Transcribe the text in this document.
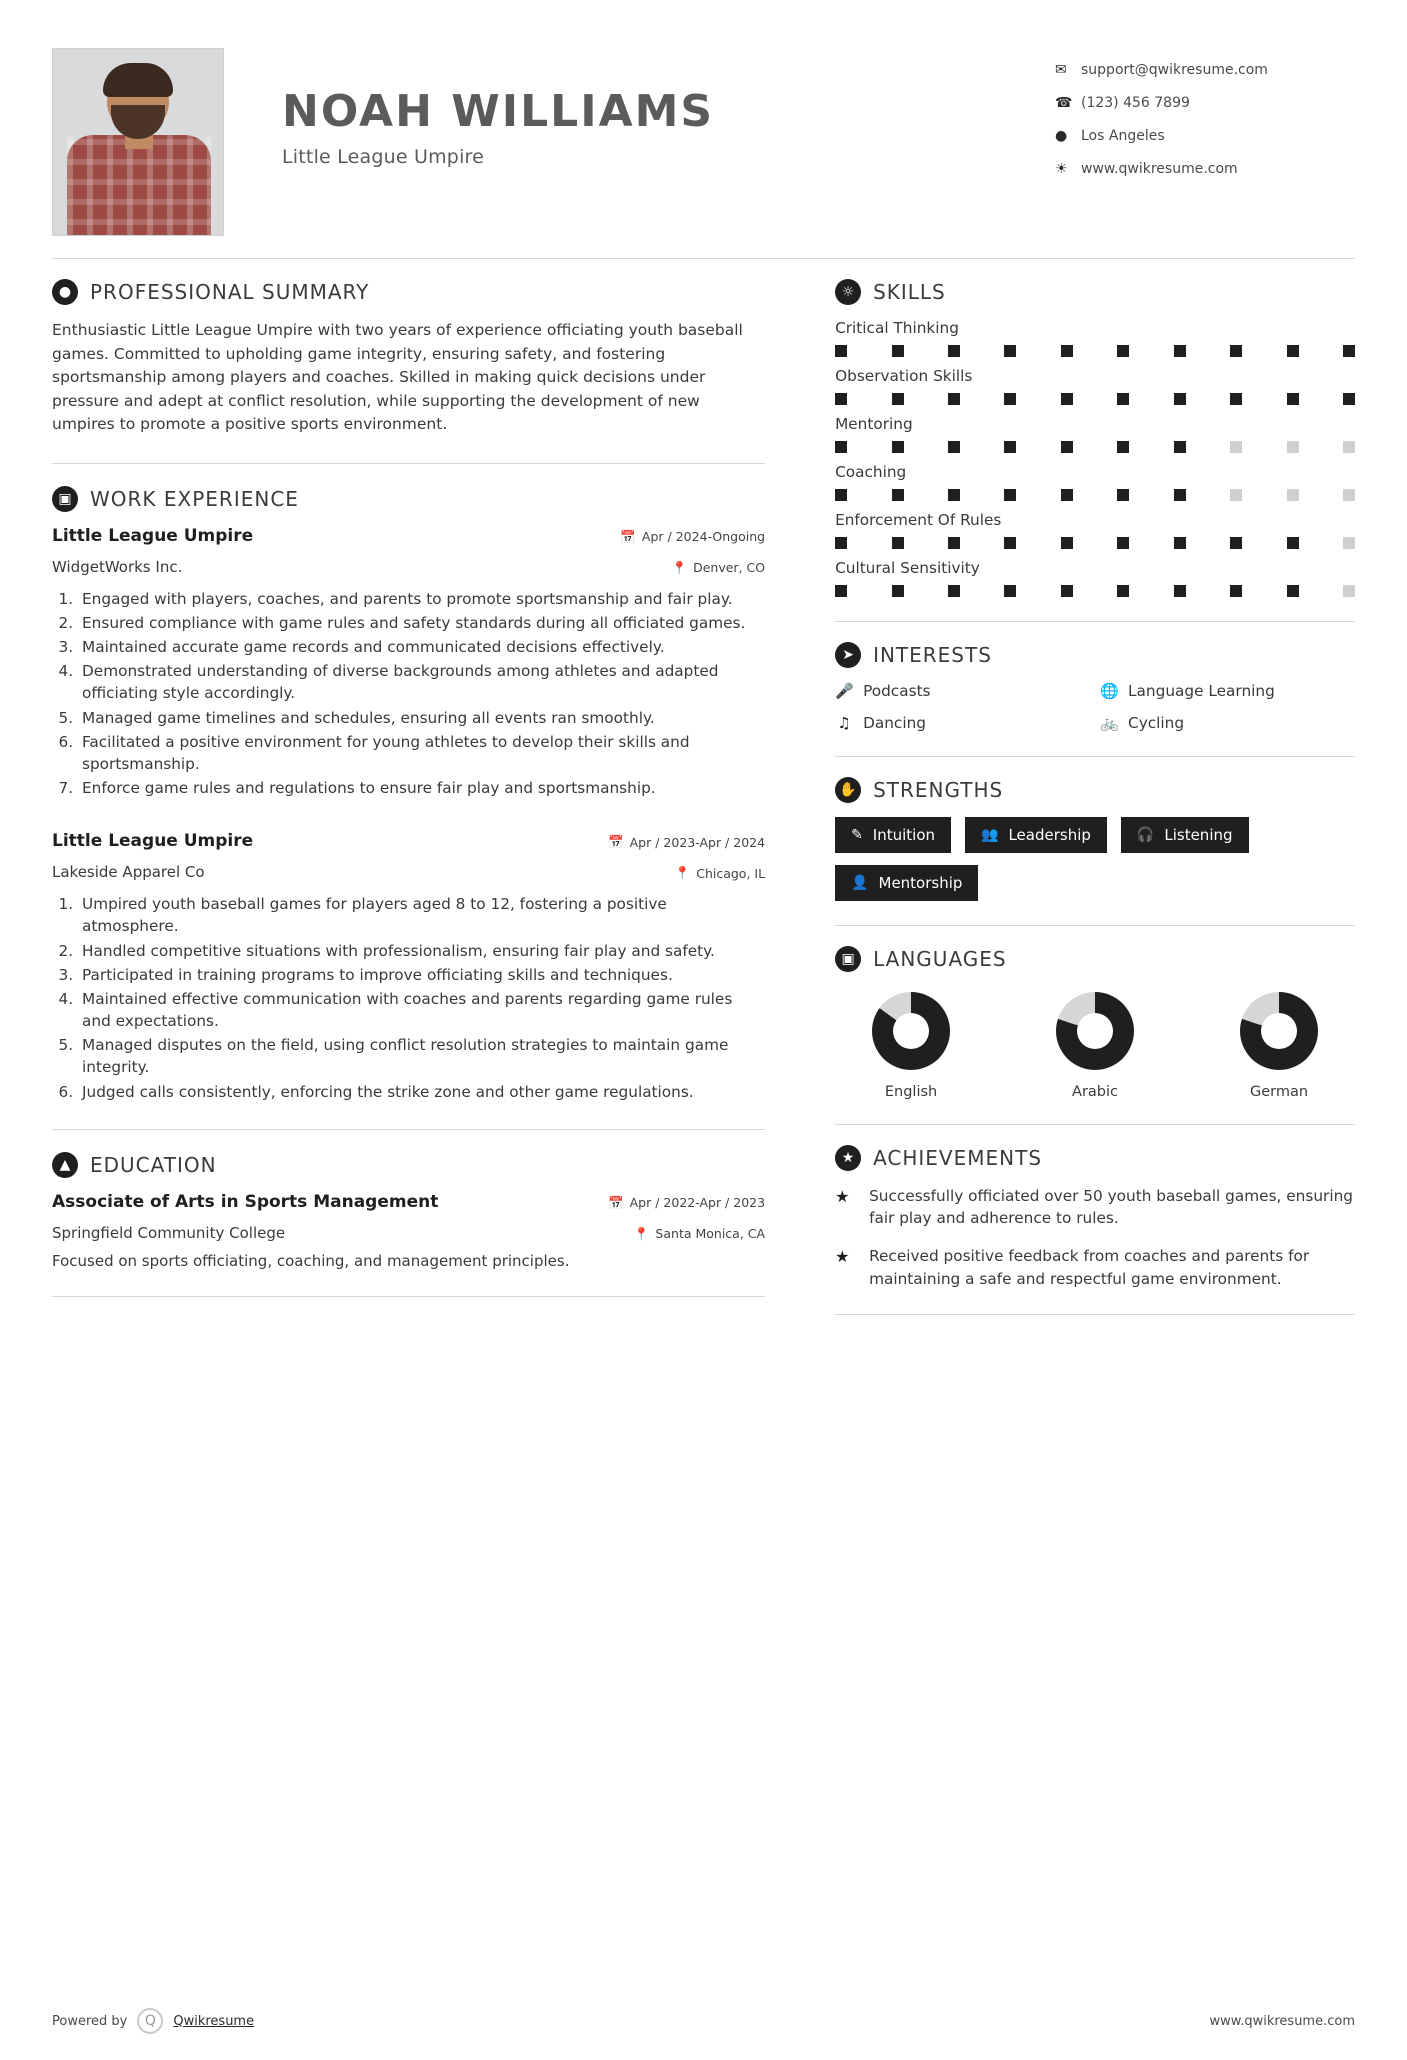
NOAH WILLIAMS
Little League Umpire
✉	support@qwikresume.com
☎ (123) 456 7899
● Los Angeles
☀ www.qwikresume.com
● PROFESSIONAL SUMMARY
Enthusiastic Little League Umpire with two years of experience officiating youth baseball games. Committed to upholding game integrity, ensuring safety, and fostering sportsmanship among players and coaches. Skilled in making quick decisions under pressure and adept at conflict resolution, while supporting the development of new umpires to promote a positive sports environment.
▣ WORK EXPERIENCE
Little League Umpire	📅 Apr / 2024-Ongoing
WidgetWorks Inc.	📍 Denver, CO
1. Engaged with players, coaches, and parents to promote sportsmanship and fair play.
2. Ensured compliance with game rules and safety standards during all officiated games.
3. Maintained accurate game records and communicated decisions effectively.
4. Demonstrated understanding of diverse backgrounds among athletes and adapted officiating style accordingly.
5. Managed game timelines and schedules, ensuring all events ran smoothly.
6. Facilitated a positive environment for young athletes to develop their skills and sportsmanship.
7. Enforce game rules and regulations to ensure fair play and sportsmanship.
Little League Umpire	📅 Apr / 2023-Apr / 2024
Lakeside Apparel Co	📍 Chicago, IL
1. Umpired youth baseball games for players aged 8 to 12, fostering a positive atmosphere.
2. Handled competitive situations with professionalism, ensuring fair play and safety.
3. Participated in training programs to improve officiating skills and techniques.
4. Maintained effective communication with coaches and parents regarding game rules and expectations.
5. Managed disputes on the field, using conflict resolution strategies to maintain game integrity.
6. Judged calls consistently, enforcing the strike zone and other game regulations.
▲ EDUCATION
Associate of Arts in Sports Management	📅 Apr / 2022-Apr / 2023
Springfield Community College	📍 Santa Monica, CA
Focused on sports officiating, coaching, and management principles.
☼ SKILLS
Critical Thinking
Observation Skills
Mentoring
Coaching
Enforcement Of Rules
Cultural Sensitivity
➤ INTERESTS
🎤 Podcasts	🌐 Language Learning
♫ Dancing	🚲 Cycling
✋ STRENGTHS
✎ Intuition	👥 Leadership	🎧 Listening
👤 Mentorship
▣ LANGUAGES
English	Arabic	German
★ ACHIEVEMENTS
★	Successfully officiated over 50 youth baseball games, ensuring fair play and adherence to rules.
★	Received positive feedback from coaches and parents for maintaining a safe and respectful game environment.
Powered by	Q	Qwikresume	www.qwikresume.com
